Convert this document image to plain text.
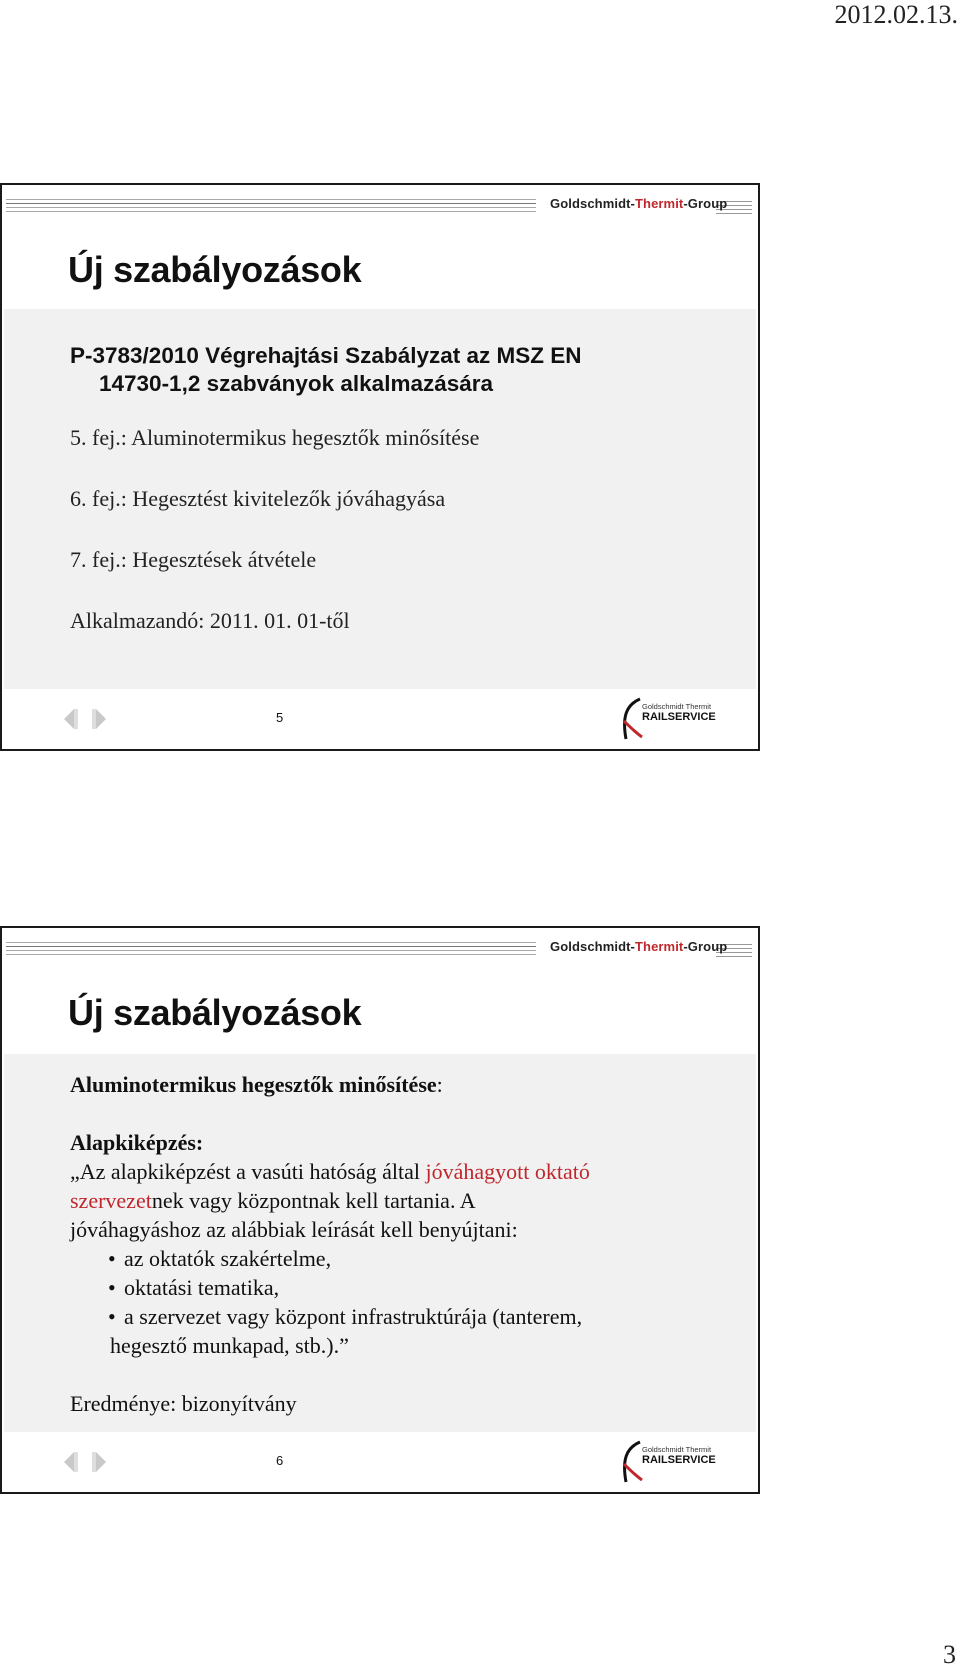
2012.02.13.
Goldschmidt-Thermit-Group
Új szabályozások
P-3783/2010 Végrehajtási Szabályzat az MSZ EN
14730-1,2 szabványok alkalmazására
5. fej.: Aluminotermikus hegesztők minősítése
6. fej.: Hegesztést kivitelezők jóváhagyása
7. fej.: Hegesztések átvétele
Alkalmazandó: 2011. 01. 01-től
5
Goldschmidt Thermit
RAILSERVICE
Goldschmidt-Thermit-Group
Új szabályozások
Aluminotermikus hegesztők minősítése:
Alapkiképzés:
„Az alapkiképzést a vasúti hatóság által jóváhagyott oktató
szervezetnek vagy központnak kell tartania. A
jóváhagyáshoz az alábbiak leírását kell benyújtani:
• az oktatók szakértelme,
• oktatási tematika,
• a szervezet vagy központ infrastruktúrája (tanterem,
hegesztő munkapad, stb.).”
Eredménye: bizonyítvány
6
Goldschmidt Thermit
RAILSERVICE
3
